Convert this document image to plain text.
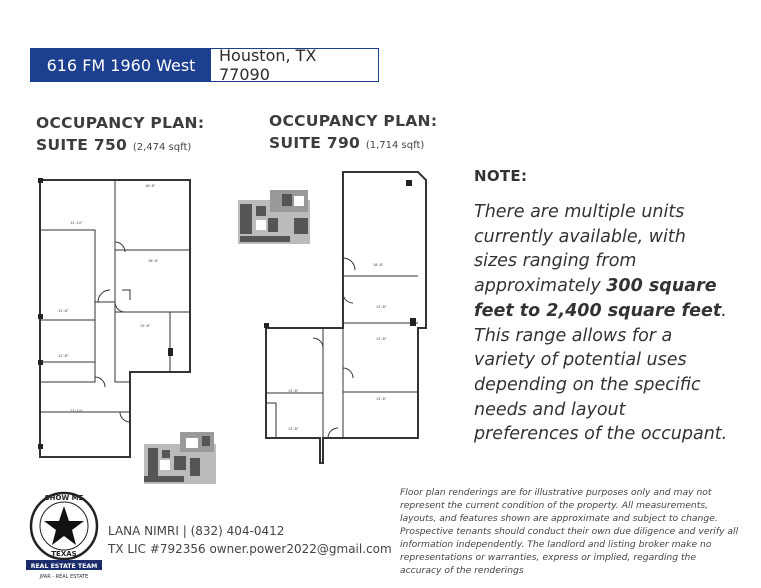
616 FM 1960 West	Houston, TX 77090
OCCUPANCY PLAN:
SUITE 750 (2,474 sqft)
OCCUPANCY PLAN:
SUITE 790 (1,714 sqft)
12'-10"
18'-8"
18'-8"
12'-8"
12'-8"
15'-8"
23'-10"
18'-8"
12'-8"
12'-8"
12'-8"
12'-8"
12'-8"
NOTE:
There are multiple units currently available, with sizes ranging from approximately 300 square feet to 2,400 square feet. This range allows for a variety of potential uses depending on the specific needs and layout preferences of the occupant.
Floor plan renderings are for illustrative purposes only and may not represent the current condition of the property. All measurements, layouts, and features shown are approximate and subject to change. Prospective tenants should conduct their own due diligence and verify all information independently. The landlord and listing broker make no representations or warranties, express or implied, regarding the accuracy of the renderings
SHOW ME
TEXAS
REAL ESTATE TEAM
JPAR - REAL ESTATE
LANA NIMRI | (832) 404-0412
TX LIC #792356 owner.power2022@gmail.com
